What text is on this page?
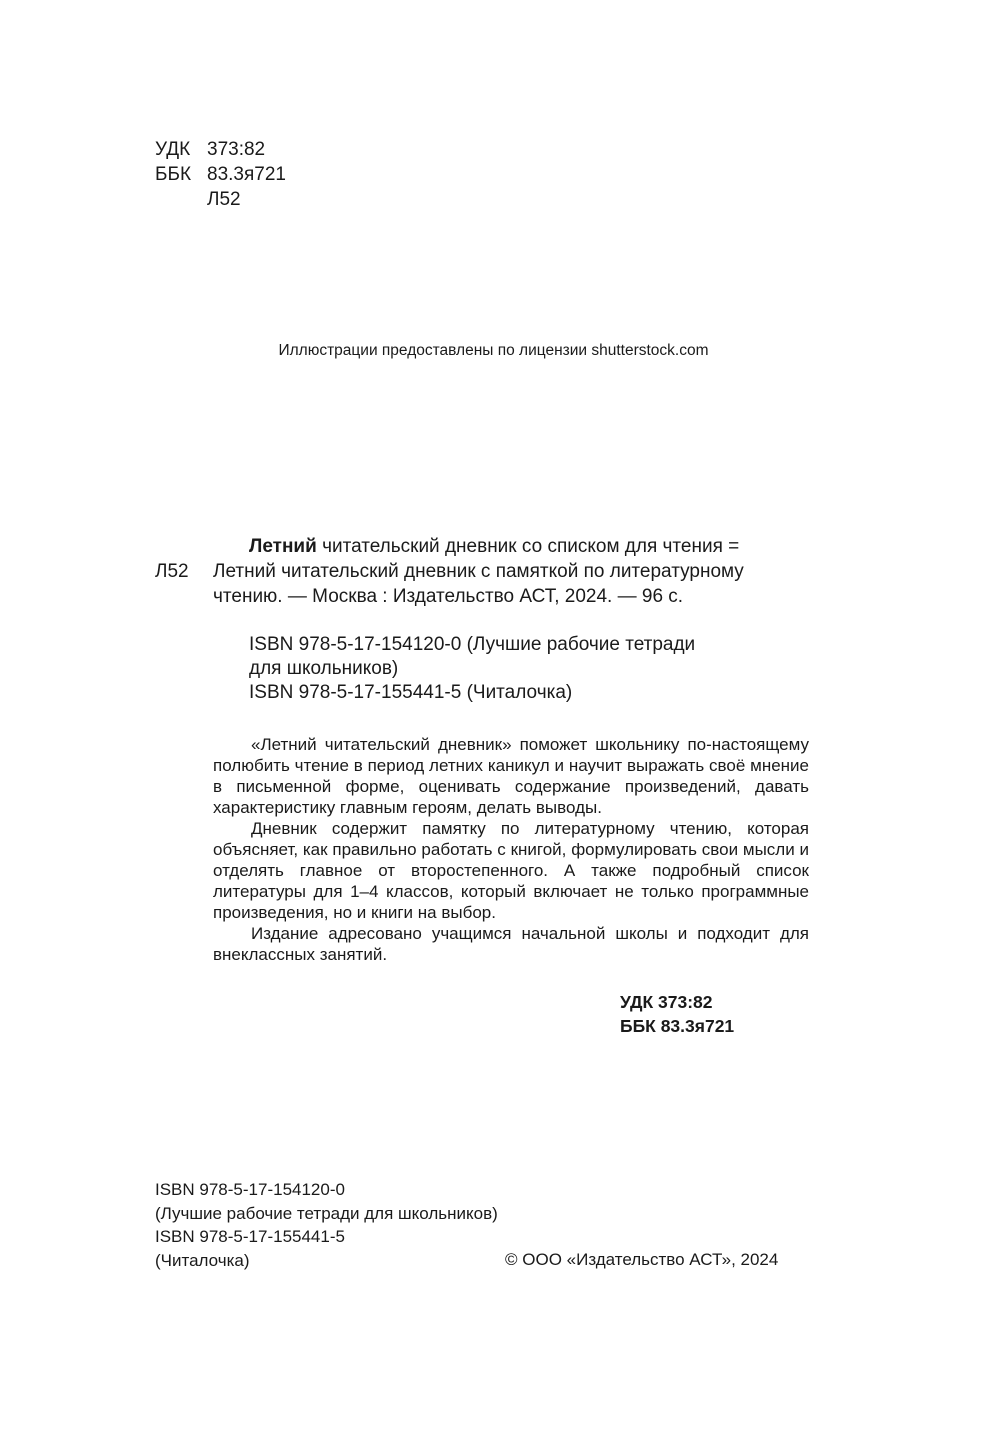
УДК 373:82
ББК 83.3я721
Л52
Иллюстрации предоставлены по лицензии shutterstock.com
Летний читательский дневник со списком для чтения =
Л52	Летний читательский дневник с памяткой по литературному
чтению. — Москва : Издательство АСТ, 2024. — 96 с.
ISBN 978-5-17-154120-0 (Лучшие рабочие тетради
для школьников)
ISBN 978-5-17-155441-5 (Читалочка)

«Летний читательский дневник» поможет школьнику по-настоящему полюбить чтение в период летних каникул и научит выражать своё мнение в письменной форме, оценивать содержание произведений, давать характеристику главным героям, делать выводы.

Дневник содержит памятку по литературному чтению, которая объясняет, как правильно работать с книгой, формулировать свои мысли и отделять главное от второстепенного. А также подробный список литературы для 1–4 классов, который включает не только программные произведения, но и книги на выбор.

Издание адресовано учащимся начальной школы и подходит для внеклассных занятий.

УДК 373:82
ББК 83.3я721
ISBN 978-5-17-154120-0
(Лучшие рабочие тетради для школьников)
ISBN 978-5-17-155441-5
(Читалочка)	© ООО «Издательство АСТ», 2024
